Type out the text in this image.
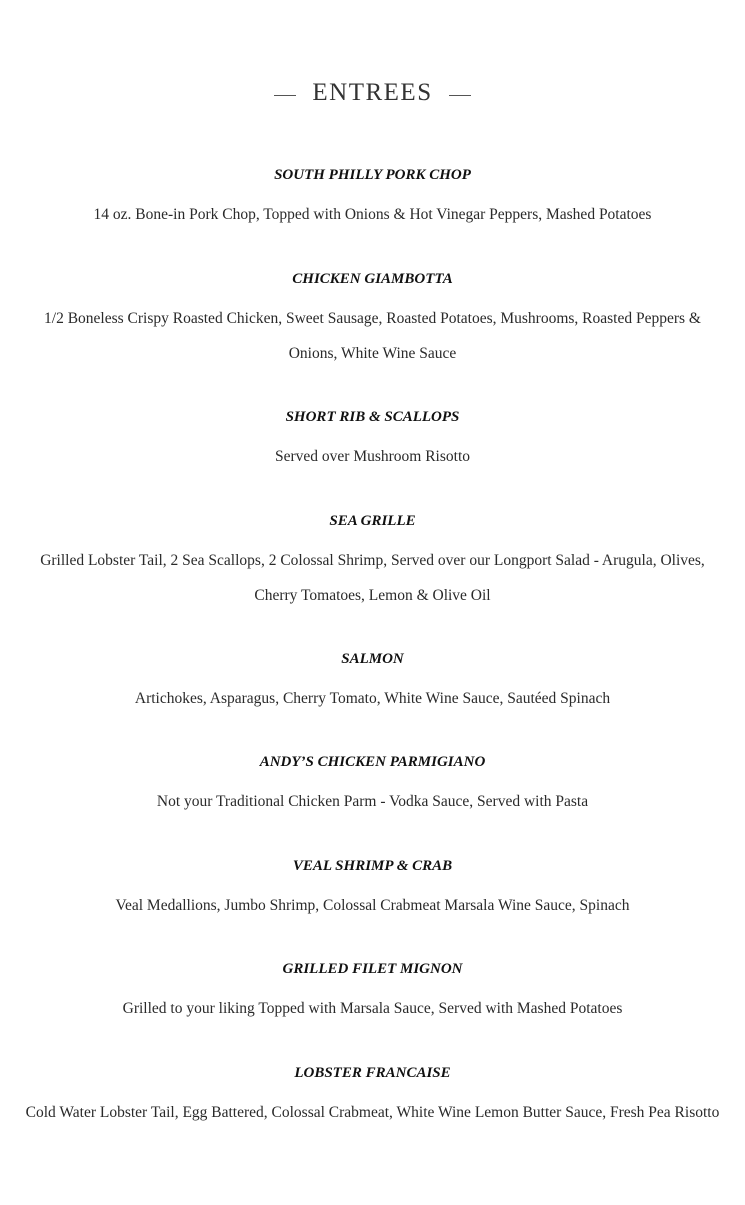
ENTREES
SOUTH PHILLY PORK CHOP
14 oz. Bone-in Pork Chop, Topped with Onions & Hot Vinegar Peppers, Mashed Potatoes
CHICKEN GIAMBOTTA
1/2 Boneless Crispy Roasted Chicken, Sweet Sausage, Roasted Potatoes, Mushrooms, Roasted Peppers & Onions, White Wine Sauce
SHORT RIB & SCALLOPS
Served over Mushroom Risotto
SEA GRILLE
Grilled Lobster Tail, 2 Sea Scallops, 2 Colossal Shrimp, Served over our Longport Salad - Arugula, Olives, Cherry Tomatoes, Lemon & Olive Oil
SALMON
Artichokes, Asparagus, Cherry Tomato, White Wine Sauce, Sautéed Spinach
ANDY’S CHICKEN PARMIGIANO
Not your Traditional Chicken Parm - Vodka Sauce, Served with Pasta
VEAL SHRIMP & CRAB
Veal Medallions, Jumbo Shrimp, Colossal Crabmeat Marsala Wine Sauce, Spinach
GRILLED FILET MIGNON
Grilled to your liking Topped with Marsala Sauce, Served with Mashed Potatoes
LOBSTER FRANCAISE
Cold Water Lobster Tail, Egg Battered, Colossal Crabmeat, White Wine Lemon Butter Sauce, Fresh Pea Risotto
